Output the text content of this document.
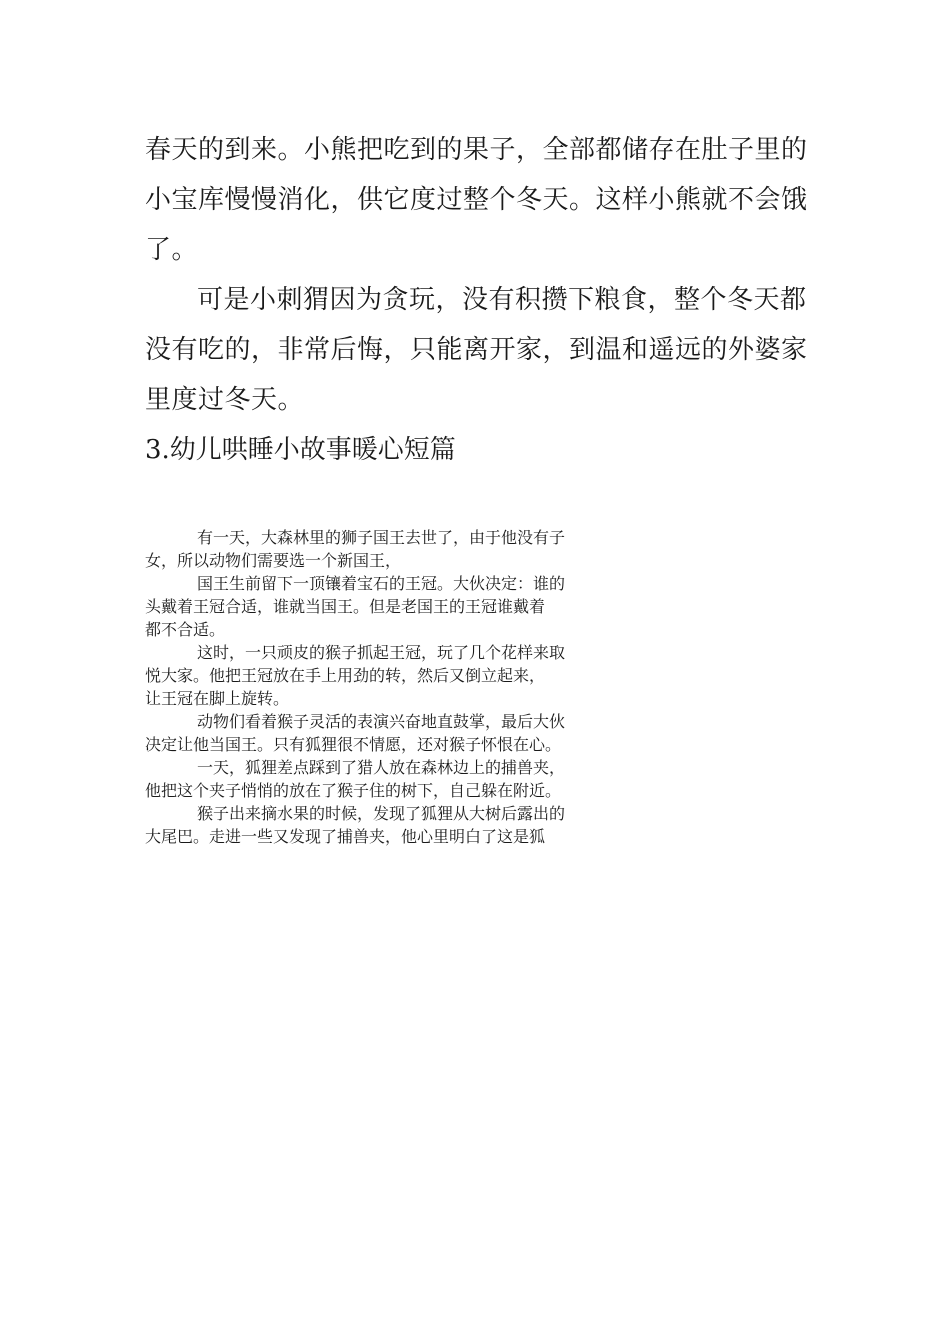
春天的到来。小熊把吃到的果子，全部都储存在肚子里的
小宝库慢慢消化，供它度过整个冬天。这样小熊就不会饿
了。
可是小刺猬因为贪玩，没有积攒下粮食，整个冬天都
没有吃的，非常后悔，只能离开家，到温和遥远的外婆家
里度过冬天。
3.幼儿哄睡小故事暖心短篇
有一天，大森林里的狮子国王去世了，由于他没有子
女，所以动物们需要选一个新国王，
国王生前留下一顶镶着宝石的王冠。大伙决定：谁的
头戴着王冠合适，谁就当国王。但是老国王的王冠谁戴着
都不合适。
这时，一只顽皮的猴子抓起王冠，玩了几个花样来取
悦大家。他把王冠放在手上用劲的转，然后又倒立起来，
让王冠在脚上旋转。
动物们看着猴子灵活的表演兴奋地直鼓掌，最后大伙
决定让他当国王。只有狐狸很不情愿，还对猴子怀恨在心。
一天，狐狸差点踩到了猎人放在森林边上的捕兽夹，
他把这个夹子悄悄的放在了猴子住的树下，自己躲在附近。
猴子出来摘水果的时候，发现了狐狸从大树后露出的
大尾巴。走进一些又发现了捕兽夹，他心里明白了这是狐
